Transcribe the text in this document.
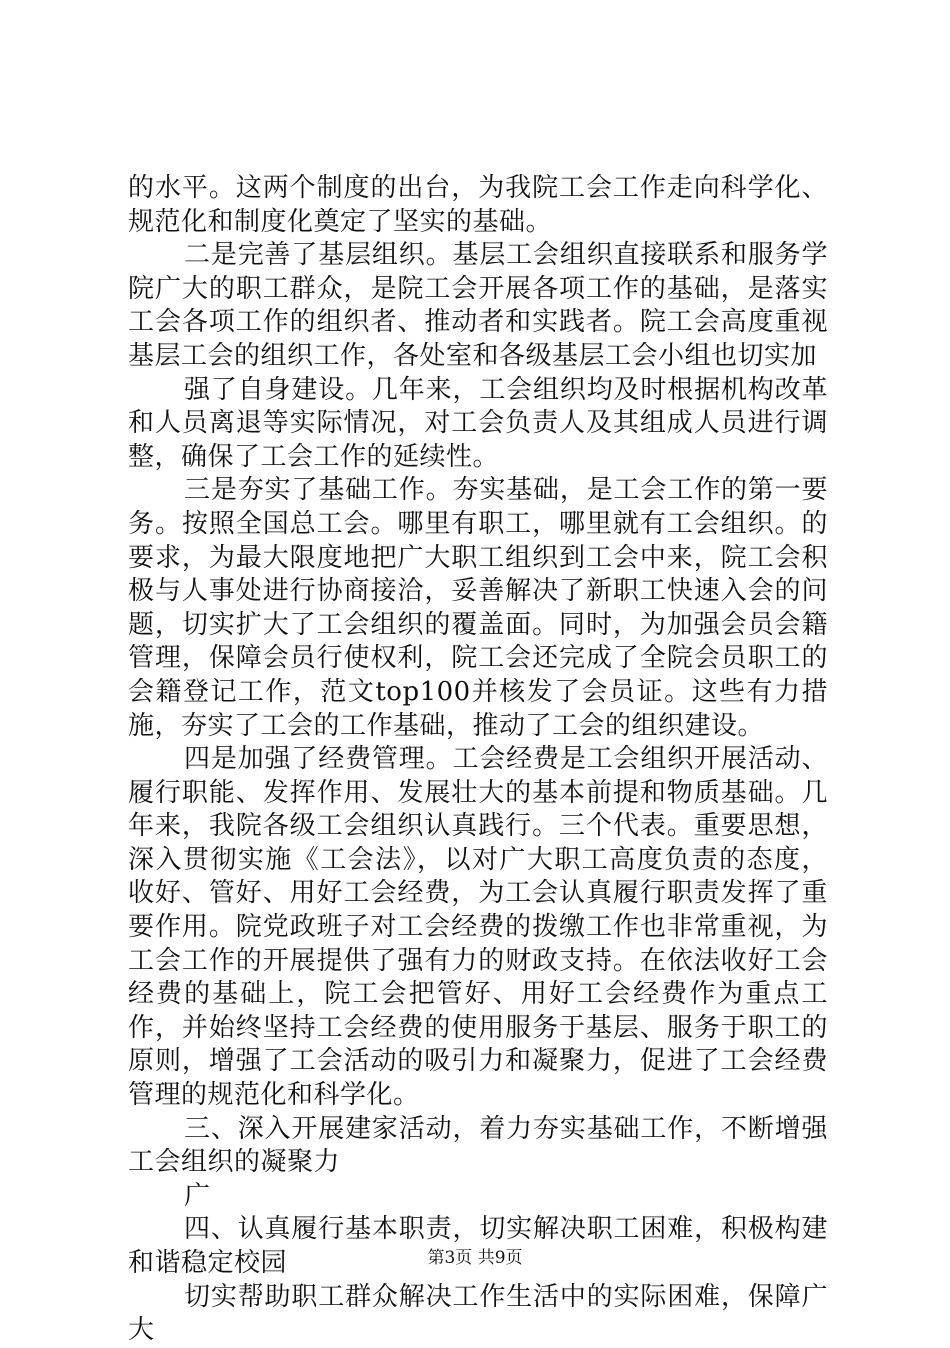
的水平。这两个制度的出台，为我院工会工作走向科学化、规范化和制度化奠定了坚实的基础。

二是完善了基层组织。基层工会组织直接联系和服务学院广大的职工群众，是院工会开展各项工作的基础，是落实工会各项工作的组织者、推动者和实践者。院工会高度重视基层工会的组织工作，各处室和各级基层工会小组也切实加

强了自身建设。几年来，工会组织均及时根据机构改革和人员离退等实际情况，对工会负责人及其组成人员进行调整，确保了工会工作的延续性。

三是夯实了基础工作。夯实基础，是工会工作的第一要务。按照全国总工会。哪里有职工，哪里就有工会组织。的要求，为最大限度地把广大职工组织到工会中来，院工会积极与人事处进行协商接洽，妥善解决了新职工快速入会的问题，切实扩大了工会组织的覆盖面。同时，为加强会员会籍管理，保障会员行使权利，院工会还完成了全院会员职工的会籍登记工作，范文top100并核发了会员证。这些有力措施，夯实了工会的工作基础，推动了工会的组织建设。

四是加强了经费管理。工会经费是工会组织开展活动、履行职能、发挥作用、发展壮大的基本前提和物质基础。几年来，我院各级工会组织认真践行。三个代表。重要思想，深入贯彻实施《工会法》，以对广大职工高度负责的态度，收好、管好、用好工会经费，为工会认真履行职责发挥了重要作用。院党政班子对工会经费的拨缴工作也非常重视，为工会工作的开展提供了强有力的财政支持。在依法收好工会经费的基础上，院工会把管好、用好工会经费作为重点工作，并始终坚持工会经费的使用服务于基层、服务于职工的原则，增强了工会活动的吸引力和凝聚力，促进了工会经费管理的规范化和科学化。

三、深入开展建家活动，着力夯实基础工作，不断增强工会组织的凝聚力

广

四、认真履行基本职责，切实解决职工困难，积极构建和谐稳定校园

切实帮助职工群众解决工作生活中的实际困难，保障广大

第3页 共9页
